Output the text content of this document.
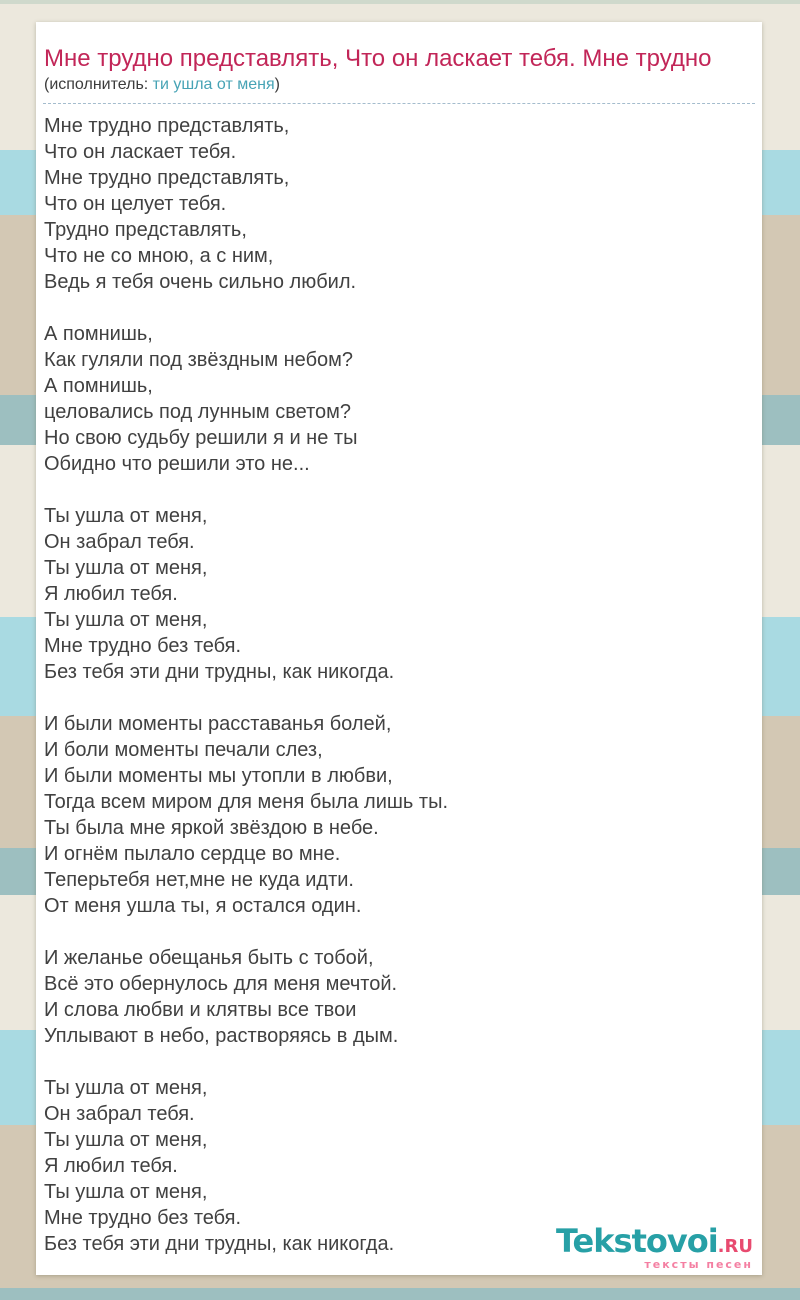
Мне трудно представлять, Что он ласкает тебя. Мне трудно
(исполнитель: ти ушла от меня)

Мне трудно представлять,
Что он ласкает тебя.
Мне трудно представлять,
Что он целует тебя.
Трудно представлять,
Что не со мною, а с ним,
Ведь я тебя очень сильно любил.

А помнишь,
Как гуляли под звёздным небом?
А помнишь,
целовались под лунным светом?
Но свою судьбу решили я и не ты
Обидно что решили это не...

Ты ушла от меня,
Он забрал тебя.
Ты ушла от меня,
Я любил тебя.
Ты ушла от меня,
Мне трудно без тебя.
Без тебя эти дни трудны, как никогда.

И были моменты расставанья болей,
И боли моменты печали слез,
И были моменты мы утопли в любви,
Тогда всем миром для меня была лишь ты.
Ты была мне яркой звёздою в небе.
И огнём пылало сердце во мне.
Теперьтебя нет,мне не куда идти.
От меня ушла ты, я остался один.

И желанье обещанья быть с тобой,
Всё это обернулось для меня мечтой.
И слова любви и клятвы все твои
Уплывают в небо, растворяясь в дым.

Ты ушла от меня,
Он забрал тебя.
Ты ушла от меня,
Я любил тебя.
Ты ушла от меня,
Мне трудно без тебя.
Без тебя эти дни трудны, как никогда.	Tekstovoi.RU
тексты песен
